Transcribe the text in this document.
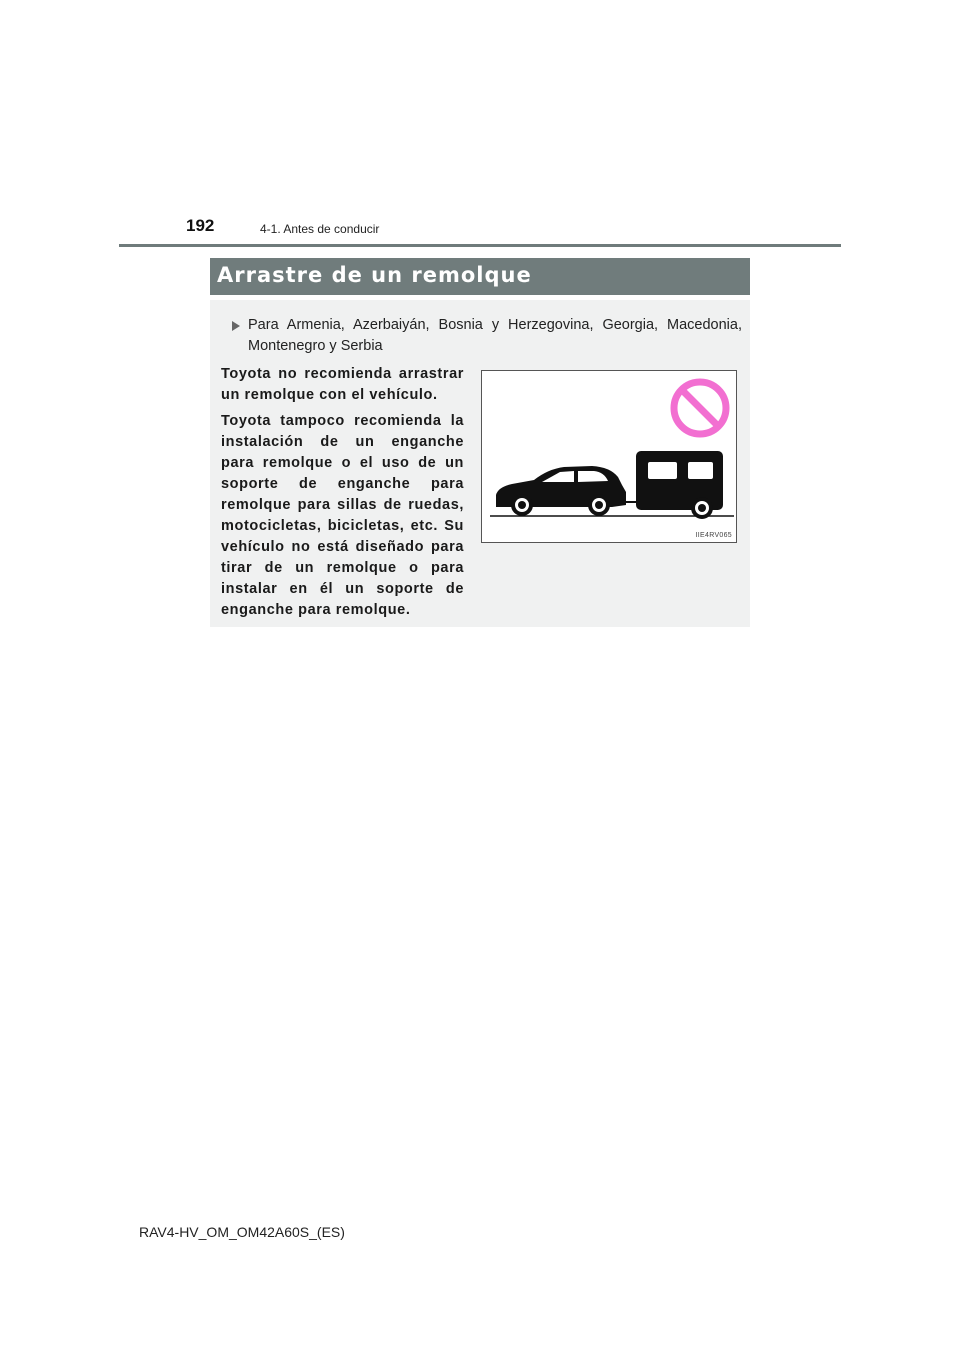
192	4-1. Antes de conducir
Arrastre de un remolque
Para Armenia, Azerbaiyán, Bosnia y Herzegovina, Georgia, Macedonia, Montenegro y Serbia

Toyota no recomienda arrastrar un remolque con el vehículo.

Toyota tampoco recomienda la instalación de un enganche para remolque o el uso de un soporte de enganche para remolque para sillas de ruedas, motocicletas, bicicletas, etc. Su vehículo no está diseñado para tirar de un remolque o para instalar en él un soporte de enganche para remolque.

IIE4RV065
RAV4-HV_OM_OM42A60S_(ES)
